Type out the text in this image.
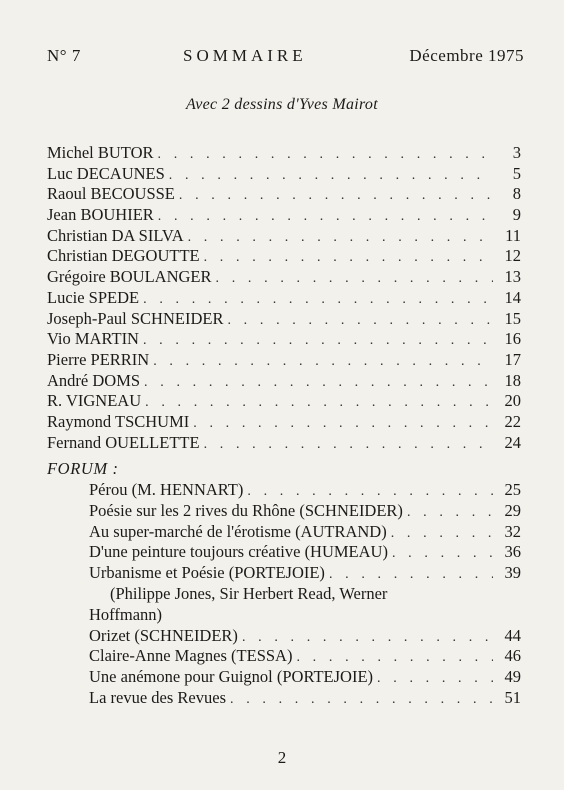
N° 7	SOMMAIRE	Décembre 1975
Avec 2 dessins d'Yves Mairot
Michel BUTOR . . .	3
Luc DECAUNES . . .	5
Raoul BECOUSSE . . .	8
Jean BOUHIER . . .	9
Christian DA SILVA . . .	11
Christian DEGOUTTE . . .	12
Grégoire BOULANGER . . .	13
Lucie SPEDE . . .	14
Joseph-Paul SCHNEIDER . . .	15
Vio MARTIN . . .	16
Pierre PERRIN . . .	17
André DOMS . . .	18
R. VIGNEAU . . .	20
Raymond TSCHUMI . . .	22
Fernand OUELLETTE . . .	24
FORUM :
Pérou (M. HENNART) . . .	25
Poésie sur les 2 rives du Rhône (SCHNEIDER) . . .	29
Au super-marché de l'érotisme (AUTRAND) . . .	32
D'une peinture toujours créative (HUMEAU) . . .	36
Urbanisme et Poésie (PORTEJOIE) . . .	39
(Philippe Jones, Sir Herbert Read, Werner
Hoffmann)
Orizet (SCHNEIDER) . . .	44
Claire-Anne Magnes (TESSA) . . .	46
Une anémone pour Guignol (PORTEJOIE) . . .	49
La revue des Revues . . .	51
2
